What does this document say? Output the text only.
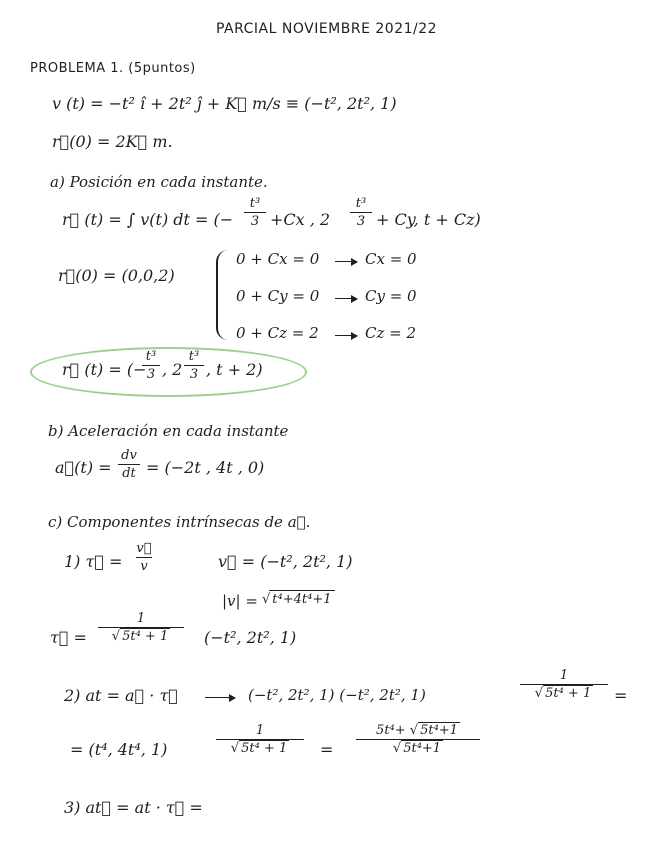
PARCIAL NOVIEMBRE 2021/22
PROBLEMA 1. (5puntos)
v (t) = −t² î + 2t² ĵ + K⃗ m/s ≡ (−t², 2t², 1)
r⃗(0) = 2K⃗ m.
a) Posición en cada instante.
r⃗ (t) = ∫ v(t) dt = (−
t³
3 +Cx , 2
t³
3 + Cy, t + Cz)
r⃗(0) = (0,0,2)
0 + Cx = 0	Cx = 0
0 + Cy = 0	Cy = 0
0 + Cz = 2	Cz = 2
r⃗ (t) = (−
t³
3 , 2
t³
3 , t + 2)
b) Aceleración en cada instante
a⃗(t) =
dv
dt = (−2t , 4t , 0)
c) Componentes intrínsecas de a⃗.
1) τ⃗ =
v⃗
v	v⃗ = (−t², 2t², 1)
|v| = √ t⁴+4t⁴+1
τ⃗ =
1
√ 5t⁴ + 1	(−t², 2t², 1)
2) at = a⃗ · τ⃗	(−t², 2t², 1) (−t², 2t², 1)
1
√ 5t⁴ + 1	=
= (t⁴, 4t⁴, 1)
1
√ 5t⁴ + 1	=
5t⁴+ √ 5t⁴+1
√ 5t⁴+1
3) at⃗ = at · τ⃗ =
